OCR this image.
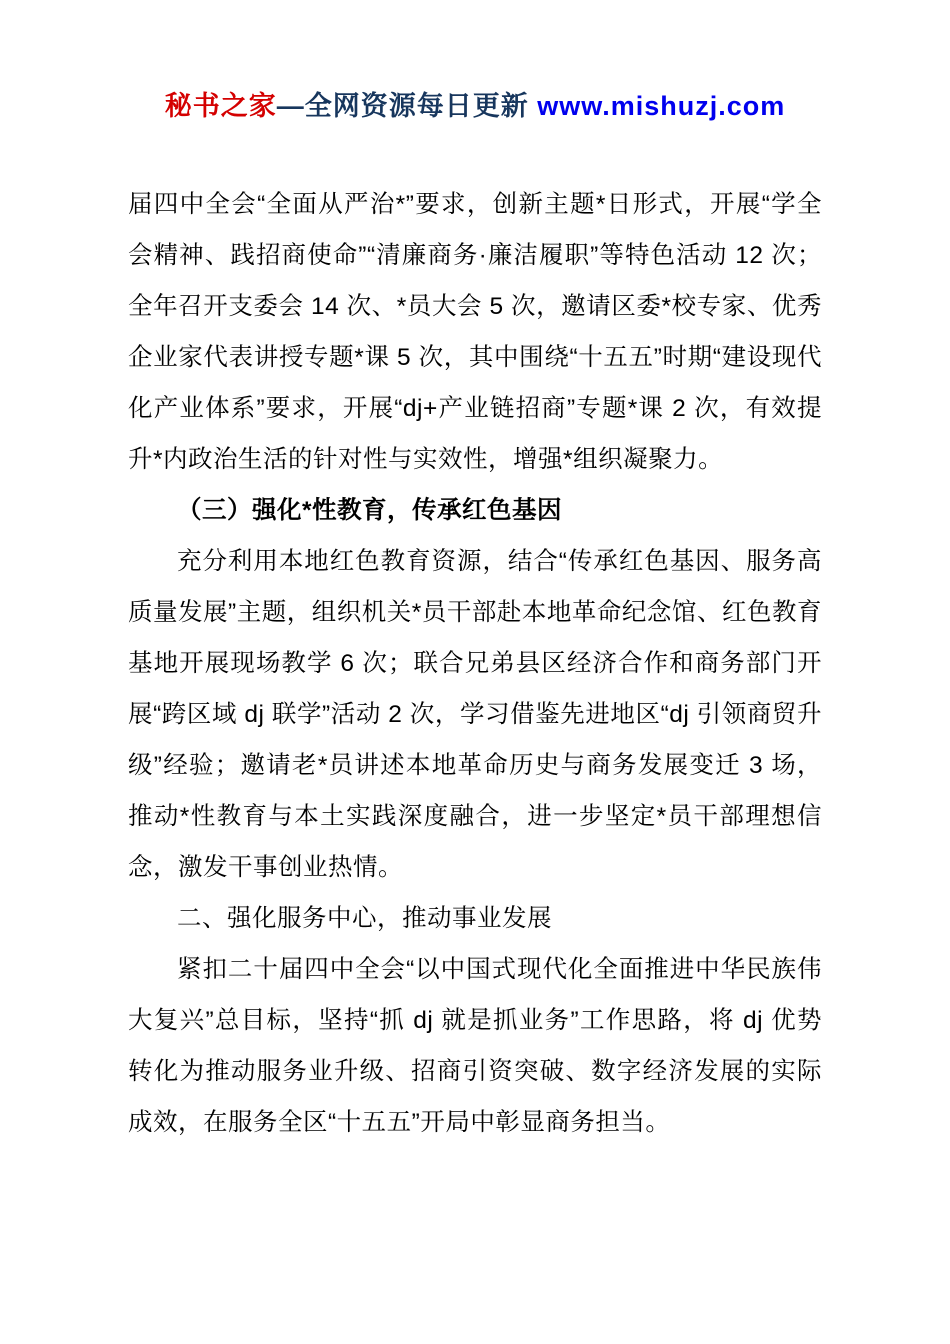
秘书之家—全网资源每日更新 www.mishuzj.com

届四中全会“全面从严治*”要求，创新主题*日形式，开展“学全会精神、践招商使命”“清廉商务·廉洁履职”等特色活动 12 次；全年召开支委会 14 次、*员大会 5 次，邀请区委*校专家、优秀企业家代表讲授专题*课 5 次，其中围绕“十五五”时期“建设现代化产业体系”要求，开展“dj+产业链招商”专题*课 2 次，有效提升*内政治生活的针对性与实效性，增强*组织凝聚力。

（三）强化*性教育，传承红色基因

充分利用本地红色教育资源，结合“传承红色基因、服务高质量发展”主题，组织机关*员干部赴本地革命纪念馆、红色教育基地开展现场教学 6 次；联合兄弟县区经济合作和商务部门开展“跨区域 dj 联学”活动 2 次，学习借鉴先进地区“dj 引领商贸升级”经验；邀请老*员讲述本地革命历史与商务发展变迁 3 场，推动*性教育与本土实践深度融合，进一步坚定*员干部理想信念，激发干事创业热情。

二、强化服务中心，推动事业发展

紧扣二十届四中全会“以中国式现代化全面推进中华民族伟大复兴”总目标，坚持“抓 dj 就是抓业务”工作思路，将 dj 优势转化为推动服务业升级、招商引资突破、数字经济发展的实际成效，在服务全区“十五五”开局中彰显商务担当。
